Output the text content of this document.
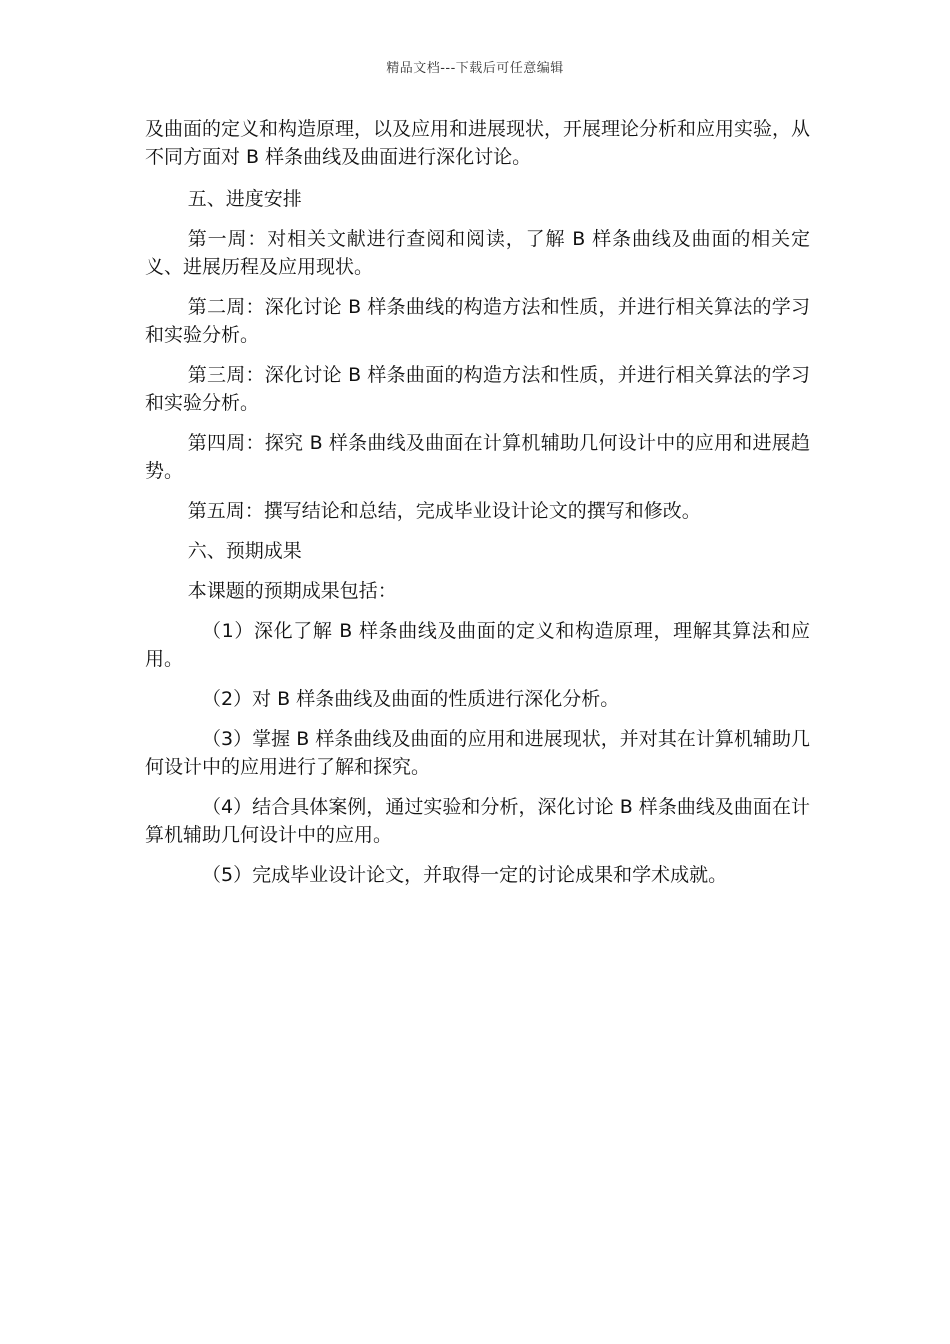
精品文档---下载后可任意编辑

及曲面的定义和构造原理，以及应用和进展现状，开展理论分析和应用实验，从不同方面对 B 样条曲线及曲面进行深化讨论。

五、进度安排

第一周：对相关文献进行查阅和阅读，了解 B 样条曲线及曲面的相关定义、进展历程及应用现状。

第二周：深化讨论 B 样条曲线的构造方法和性质，并进行相关算法的学习和实验分析。

第三周：深化讨论 B 样条曲面的构造方法和性质，并进行相关算法的学习和实验分析。

第四周：探究 B 样条曲线及曲面在计算机辅助几何设计中的应用和进展趋势。

第五周：撰写结论和总结，完成毕业设计论文的撰写和修改。

六、预期成果

本课题的预期成果包括：

（1）深化了解 B 样条曲线及曲面的定义和构造原理，理解其算法和应用。

（2）对 B 样条曲线及曲面的性质进行深化分析。

（3）掌握 B 样条曲线及曲面的应用和进展现状，并对其在计算机辅助几何设计中的应用进行了解和探究。

（4）结合具体案例，通过实验和分析，深化讨论 B 样条曲线及曲面在计算机辅助几何设计中的应用。

（5）完成毕业设计论文，并取得一定的讨论成果和学术成就。
